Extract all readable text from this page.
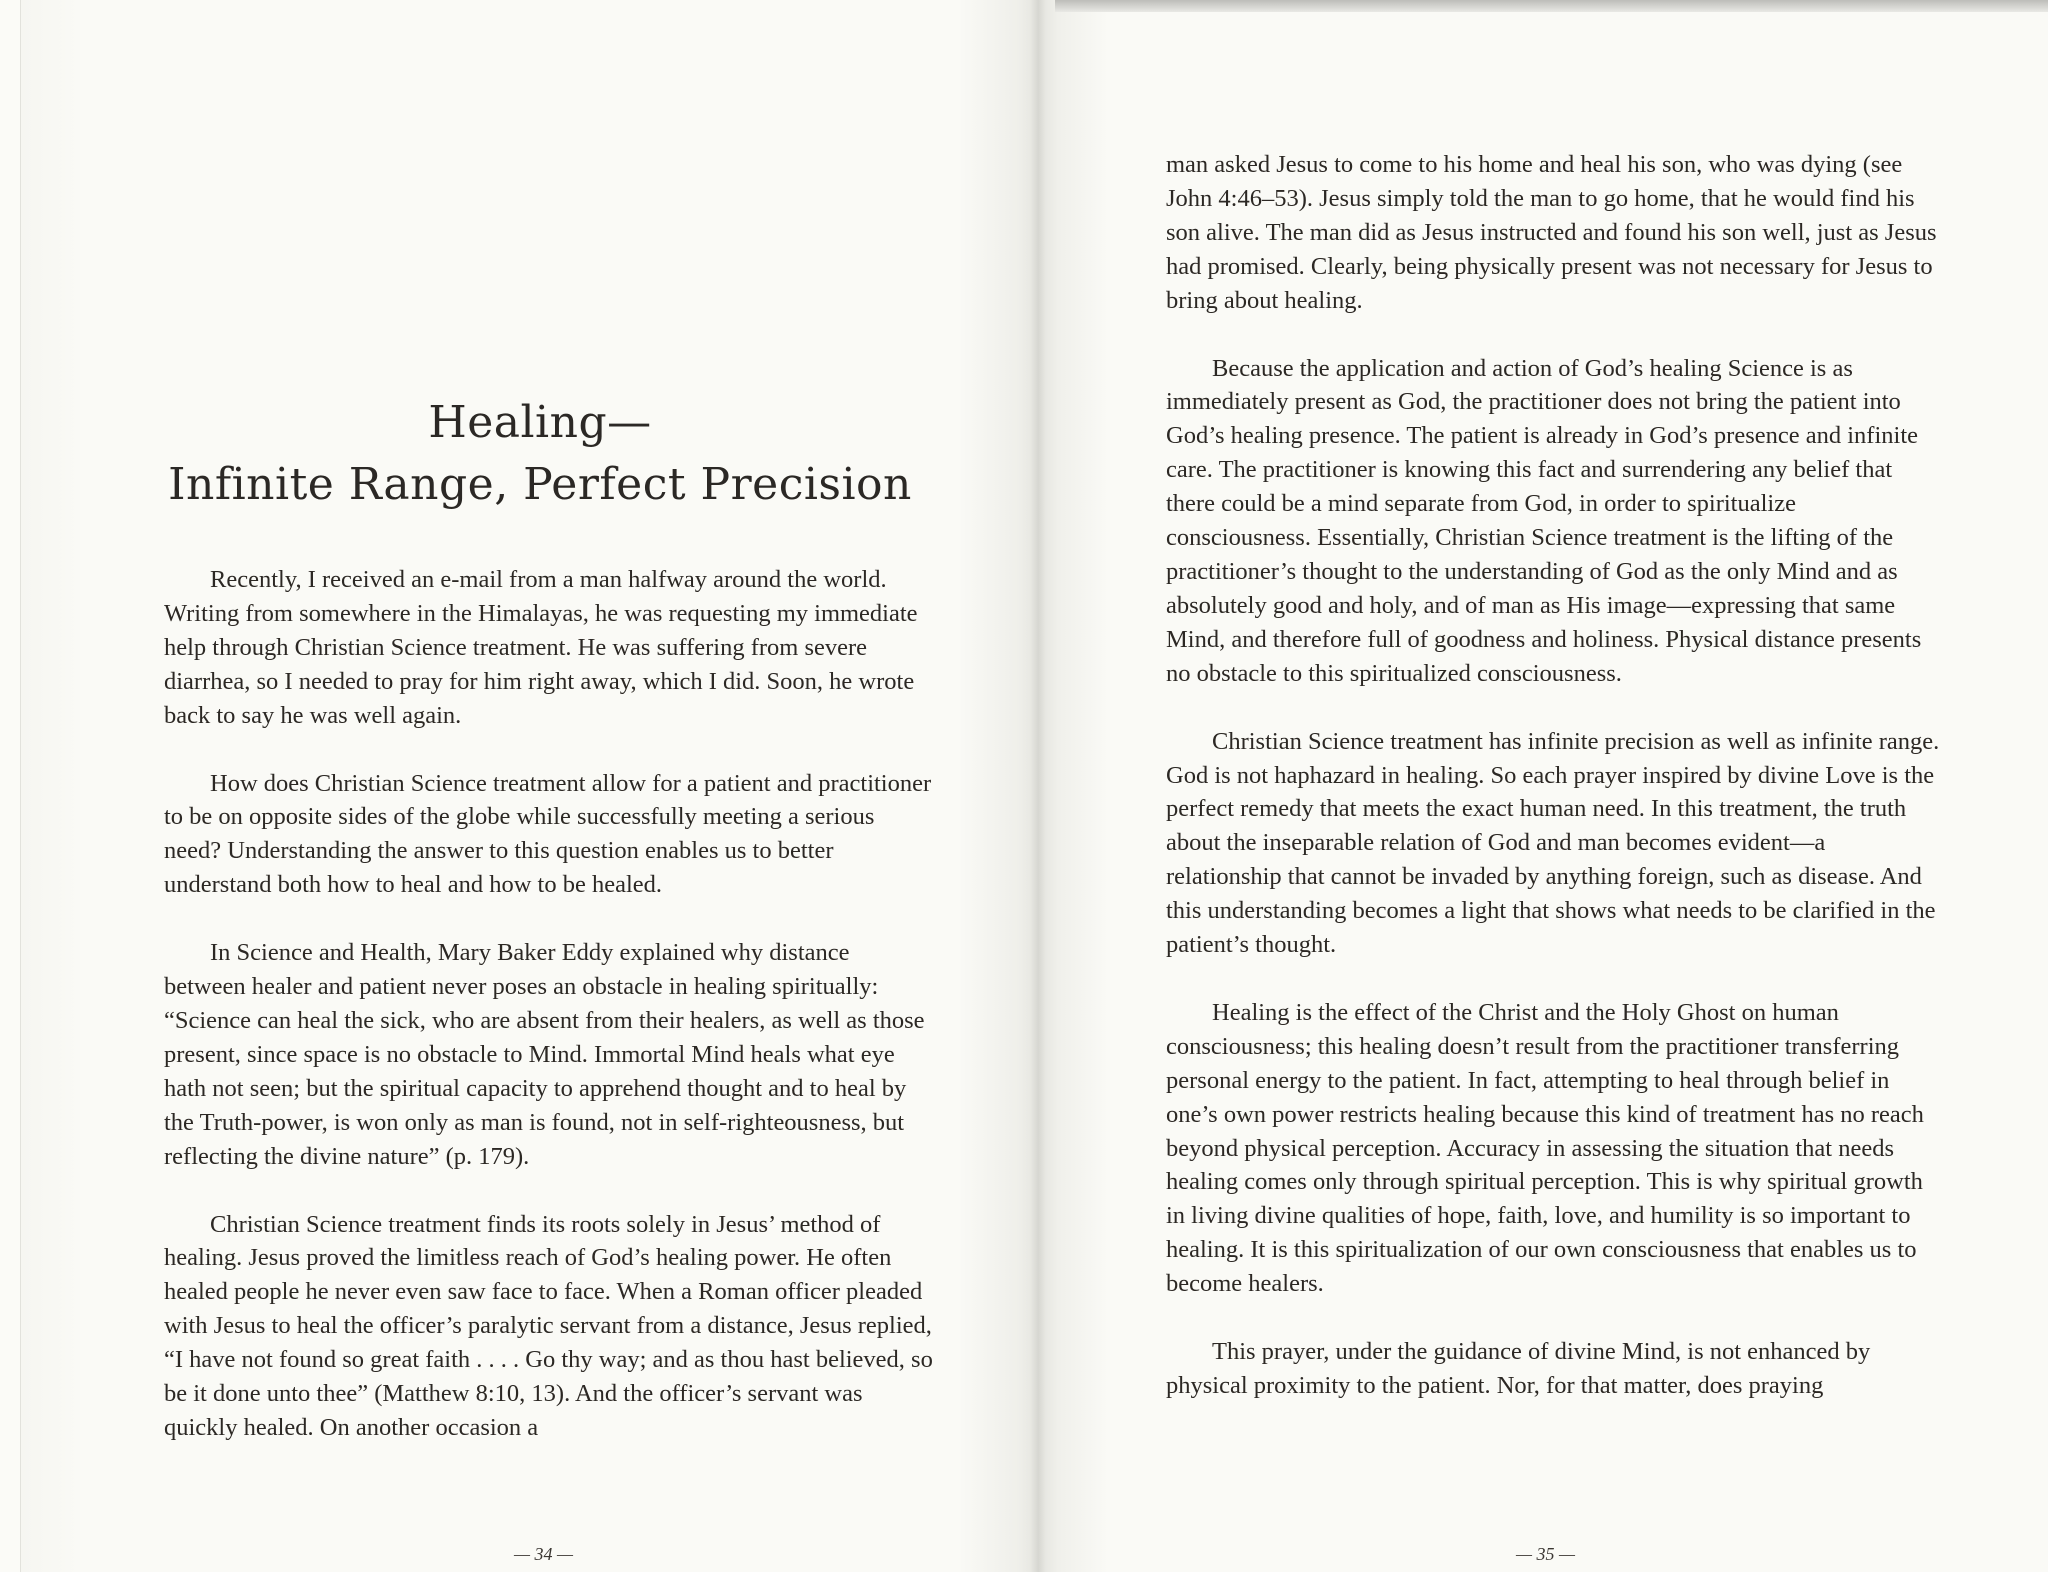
Healing—
Infinite Range, Perfect Precision

Recently, I received an e-mail from a man halfway around the world. Writing from somewhere in the Himalayas, he was requesting my immediate help through Christian Science treatment. He was suffering from severe diarrhea, so I needed to pray for him right away, which I did. Soon, he wrote back to say he was well again.

How does Christian Science treatment allow for a patient and practitioner to be on opposite sides of the globe while successfully meeting a serious need? Understanding the answer to this question enables us to better understand both how to heal and how to be healed.

In Science and Health, Mary Baker Eddy explained why distance between healer and patient never poses an obstacle in healing spiritually: “Science can heal the sick, who are absent from their healers, as well as those present, since space is no obstacle to Mind. Immortal Mind heals what eye hath not seen; but the spiritual capacity to apprehend thought and to heal by the Truth-power, is won only as man is found, not in self-righteousness, but reflecting the divine nature” (p. 179).

Christian Science treatment finds its roots solely in Jesus’ method of healing. Jesus proved the limitless reach of God’s healing power. He often healed people he never even saw face to face. When a Roman officer pleaded with Jesus to heal the officer’s paralytic servant from a distance, Jesus replied, “I have not found so great faith . . . . Go thy way; and as thou hast believed, so be it done unto thee” (Matthew 8:10, 13). And the officer’s servant was quickly healed. On another occasion a

man asked Jesus to come to his home and heal his son, who was dying (see John 4:46–53). Jesus simply told the man to go home, that he would find his son alive. The man did as Jesus instructed and found his son well, just as Jesus had promised. Clearly, being physically present was not necessary for Jesus to bring about healing.

Because the application and action of God’s healing Science is as immediately present as God, the practitioner does not bring the patient into God’s healing presence. The patient is already in God’s presence and infinite care. The practitioner is knowing this fact and surrendering any belief that there could be a mind separate from God, in order to spiritualize consciousness. Essentially, Christian Science treatment is the lifting of the practitioner’s thought to the understanding of God as the only Mind and as absolutely good and holy, and of man as His image—expressing that same Mind, and therefore full of goodness and holiness. Physical distance presents no obstacle to this spiritualized consciousness.

Christian Science treatment has infinite precision as well as infinite range. God is not haphazard in healing. So each prayer inspired by divine Love is the perfect remedy that meets the exact human need. In this treatment, the truth about the inseparable relation of God and man becomes evident—a relationship that cannot be invaded by anything foreign, such as disease. And this understanding becomes a light that shows what needs to be clarified in the patient’s thought.

Healing is the effect of the Christ and the Holy Ghost on human consciousness; this healing doesn’t result from the practitioner transferring personal energy to the patient. In fact, attempting to heal through belief in one’s own power restricts healing because this kind of treatment has no reach beyond physical perception. Accuracy in assessing the situation that needs healing comes only through spiritual perception. This is why spiritual growth in living divine qualities of hope, faith, love, and humility is so important to healing. It is this spiritualization of our own consciousness that enables us to become healers.

This prayer, under the guidance of divine Mind, is not enhanced by physical proximity to the patient. Nor, for that matter, does praying

— 34 —	— 35 —
